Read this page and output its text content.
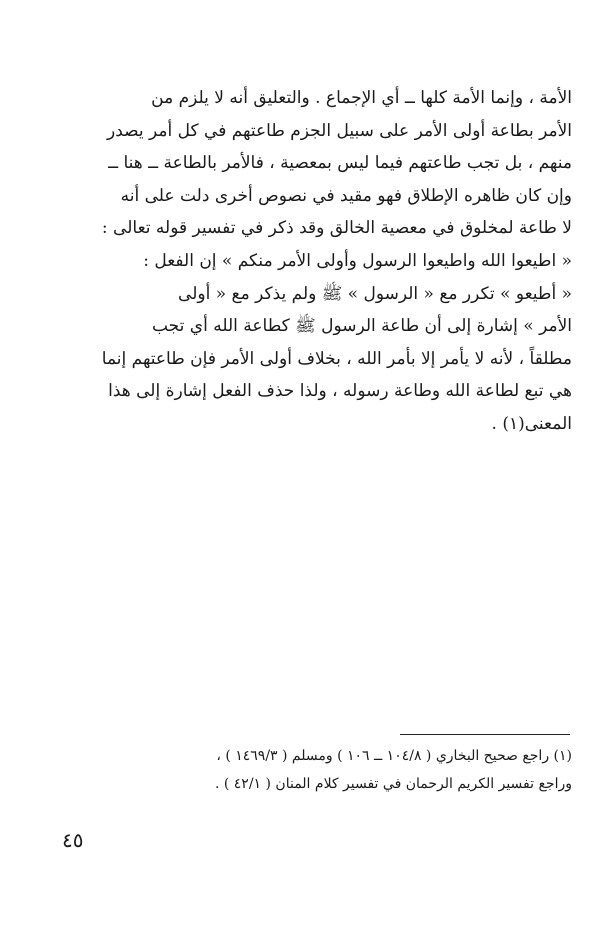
الأمة ، وإنما الأمة كلها ــ أي الإجماع . والتعليق أنه لا يلزم من
الأمر بطاعة أولى الأمر على سبيل الجزم طاعتهم في كل أمر يصدر
منهم ، بل تجب طاعتهم فيما ليس بمعصية ، فالأمر بالطاعة ــ هنا ــ
وإن كان ظاهره الإطلاق فهو مقيد في نصوص أخرى دلت على أنه
لا طاعة لمخلوق في معصية الخالق وقد ذكر في تفسير قوله تعالى :
« اطيعوا الله واطيعوا الرسول وأولى الأمر منكم » إن الفعل :
« أطيعو » تكرر مع « الرسول » ﷺ ولم يذكر مع « أولى
الأمر » إشارة إلى أن طاعة الرسول ﷺ كطاعة الله أي تجب
مطلقاً ، لأنه لا يأمر إلا بأمر الله ، بخلاف أولى الأمر فإن طاعتهم إنما
هي تبع لطاعة الله وطاعة رسوله ، ولذا حذف الفعل إشارة إلى هذا
المعنى(١) .
(١) راجع صحيح البخاري ( ١٠٤/٨ ــ ١٠٦ ) ومسلم ( ١٤٦٩/٣ ) ،
وراجع تفسير الكريم الرحمان في تفسير كلام المنان ( ٤٢/١ ) .
٤٥
